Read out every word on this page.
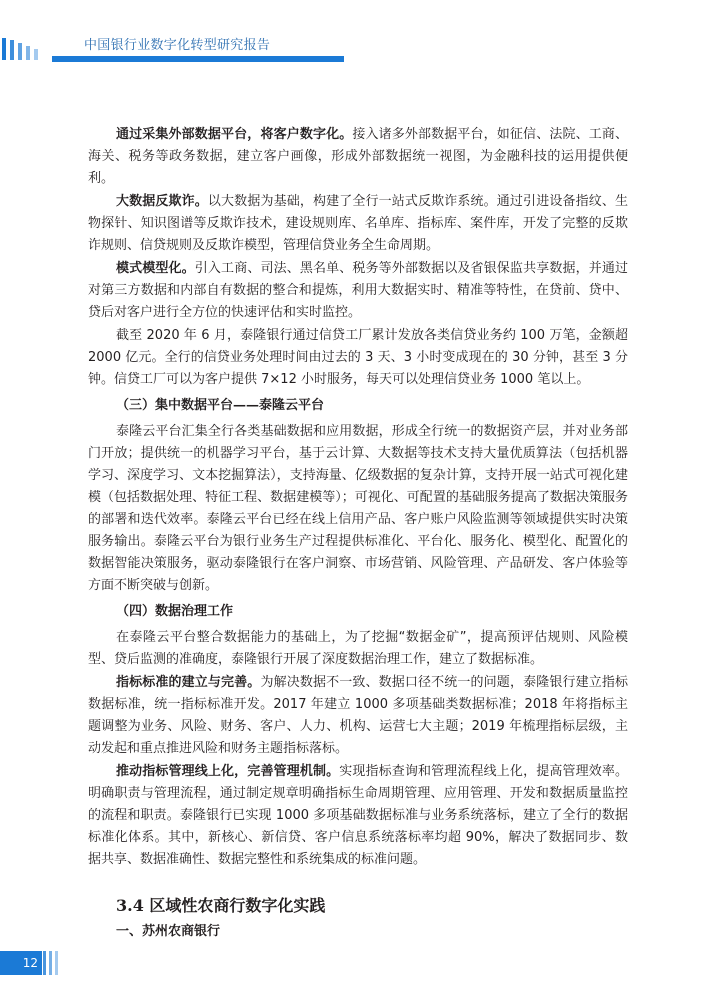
中国银行业数字化转型研究报告

通过采集外部数据平台，将客户数字化。接入诸多外部数据平台，如征信、法院、工商、海关、税务等政务数据，建立客户画像，形成外部数据统一视图，为金融科技的运用提供便利。

大数据反欺诈。以大数据为基础，构建了全行一站式反欺诈系统。通过引进设备指纹、生物探针、知识图谱等反欺诈技术，建设规则库、名单库、指标库、案件库，开发了完整的反欺诈规则、信贷规则及反欺诈模型，管理信贷业务全生命周期。

模式模型化。引入工商、司法、黑名单、税务等外部数据以及省银保监共享数据，并通过对第三方数据和内部自有数据的整合和提炼，利用大数据实时、精准等特性，在贷前、贷中、贷后对客户进行全方位的快速评估和实时监控。

截至 2020 年 6 月，泰隆银行通过信贷工厂累计发放各类信贷业务约 100 万笔，金额超 2000 亿元。全行的信贷业务处理时间由过去的 3 天、3 小时变成现在的 30 分钟，甚至 3 分钟。信贷工厂可以为客户提供 7×12 小时服务，每天可以处理信贷业务 1000 笔以上。

（三）集中数据平台——泰隆云平台

泰隆云平台汇集全行各类基础数据和应用数据，形成全行统一的数据资产层，并对业务部门开放；提供统一的机器学习平台，基于云计算、大数据等技术支持大量优质算法（包括机器学习、深度学习、文本挖掘算法），支持海量、亿级数据的复杂计算，支持开展一站式可视化建模（包括数据处理、特征工程、数据建模等）；可视化、可配置的基础服务提高了数据决策服务的部署和迭代效率。泰隆云平台已经在线上信用产品、客户账户风险监测等领域提供实时决策服务输出。泰隆云平台为银行业务生产过程提供标准化、平台化、服务化、模型化、配置化的数据智能决策服务，驱动泰隆银行在客户洞察、市场营销、风险管理、产品研发、客户体验等方面不断突破与创新。

（四）数据治理工作

在泰隆云平台整合数据能力的基础上，为了挖掘“数据金矿”，提高预评估规则、风险模型、贷后监测的准确度，泰隆银行开展了深度数据治理工作，建立了数据标准。

指标标准的建立与完善。为解决数据不一致、数据口径不统一的问题，泰隆银行建立指标数据标准，统一指标标准开发。2017 年建立 1000 多项基础类数据标准；2018 年将指标主题调整为业务、风险、财务、客户、人力、机构、运营七大主题；2019 年梳理指标层级，主动发起和重点推进风险和财务主题指标落标。

推动指标管理线上化，完善管理机制。实现指标查询和管理流程线上化，提高管理效率。明确职责与管理流程，通过制定规章明确指标生命周期管理、应用管理、开发和数据质量监控的流程和职责。泰隆银行已实现 1000 多项基础数据标准与业务系统落标，建立了全行的数据标准化体系。其中，新核心、新信贷、客户信息系统落标率均超 90%，解决了数据同步、数据共享、数据准确性、数据完整性和系统集成的标准问题。

3.4 区域性农商行数字化实践
一、苏州农商银行
12
